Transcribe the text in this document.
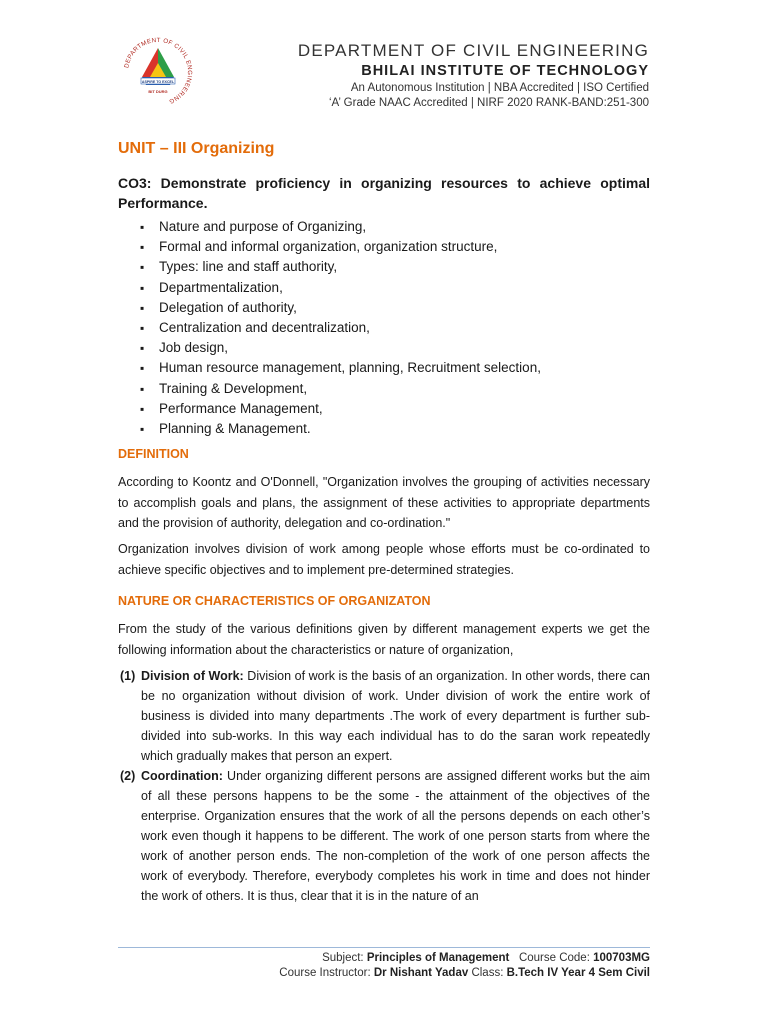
DEPARTMENT OF CIVIL ENGINEERING
ASPIRE TO EXCEL
BIT DURG
DEPARTMENT OF CIVIL ENGINEERING
BHILAI INSTITUTE OF TECHNOLOGY
An Autonomous Institution | NBA Accredited | ISO Certified
‘A’ Grade NAAC Accredited | NIRF 2020 RANK-BAND:251-300
UNIT – III Organizing
CO3: Demonstrate proficiency in organizing resources to achieve optimal Performance.
▪ Nature and purpose of Organizing,
▪ Formal and informal organization, organization structure,
▪ Types: line and staff authority,
▪ Departmentalization,
▪ Delegation of authority,
▪ Centralization and decentralization,
▪ Job design,
▪ Human resource management, planning, Recruitment selection,
▪ Training & Development,
▪ Performance Management,
▪ Planning & Management.
DEFINITION

According to Koontz and O'Donnell, "Organization involves the grouping of activities necessary to accomplish goals and plans, the assignment of these activities to appropriate departments and the provision of authority, delegation and co-ordination."

Organization involves division of work among people whose efforts must be co-ordinated to achieve specific objectives and to implement pre-determined strategies.

NATURE OR CHARACTERISTICS OF ORGANIZATON

From the study of the various definitions given by different management experts we get the following information about the characteristics or nature of organization,

(1) Division of Work: Division of work is the basis of an organization. In other words, there can be no organization without division of work. Under division of work the entire work of business is divided into many departments .The work of every department is further sub-divided into sub-works. In this way each individual has to do the saran work repeatedly which gradually makes that person an expert.
(2) Coordination: Under organizing different persons are assigned different works but the aim of all these persons happens to be the some - the attainment of the objectives of the enterprise. Organization ensures that the work of all the persons depends on each other’s work even though it happens to be different. The work of one person starts from where the work of another person ends. The non-completion of the work of one person affects the work of everybody. Therefore, everybody completes his work in time and does not hinder the work of others. It is thus, clear that it is in the nature of an
Subject: Principles of Management Course Code: 100703MG
Course Instructor: Dr Nishant Yadav Class: B.Tech IV Year 4 Sem Civil
